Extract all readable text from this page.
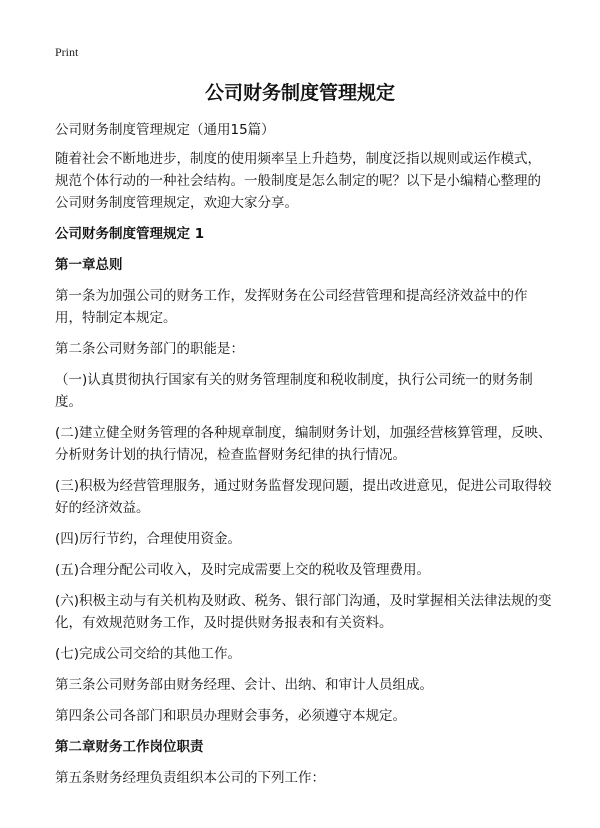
Print
公司财务制度管理规定

公司财务制度管理规定（通用15篇）

随着社会不断地进步，制度的使用频率呈上升趋势，制度泛指以规则或运作模式，规范个体行动的一种社会结构。一般制度是怎么制定的呢？以下是小编精心整理的公司财务制度管理规定，欢迎大家分享。

公司财务制度管理规定 1
第一章总则

第一条为加强公司的财务工作，发挥财务在公司经营管理和提高经济效益中的作用，特制定本规定。

第二条公司财务部门的职能是：

（一)认真贯彻执行国家有关的财务管理制度和税收制度，执行公司统一的财务制度。

(二)建立健全财务管理的各种规章制度，编制财务计划，加强经营核算管理，反映、分析财务计划的执行情况，检查监督财务纪律的执行情况。

(三)积极为经营管理服务，通过财务监督发现问题，提出改进意见，促进公司取得较好的经济效益。

(四)厉行节约，合理使用资金。

(五)合理分配公司收入，及时完成需要上交的税收及管理费用。

(六)积极主动与有关机构及财政、税务、银行部门沟通，及时掌握相关法律法规的变化，有效规范财务工作，及时提供财务报表和有关资料。

(七)完成公司交给的其他工作。

第三条公司财务部由财务经理、会计、出纳、和审计人员组成。

第四条公司各部门和职员办理财会事务，必须遵守本规定。

第二章财务工作岗位职责

第五条财务经理负责组织本公司的下列工作：
